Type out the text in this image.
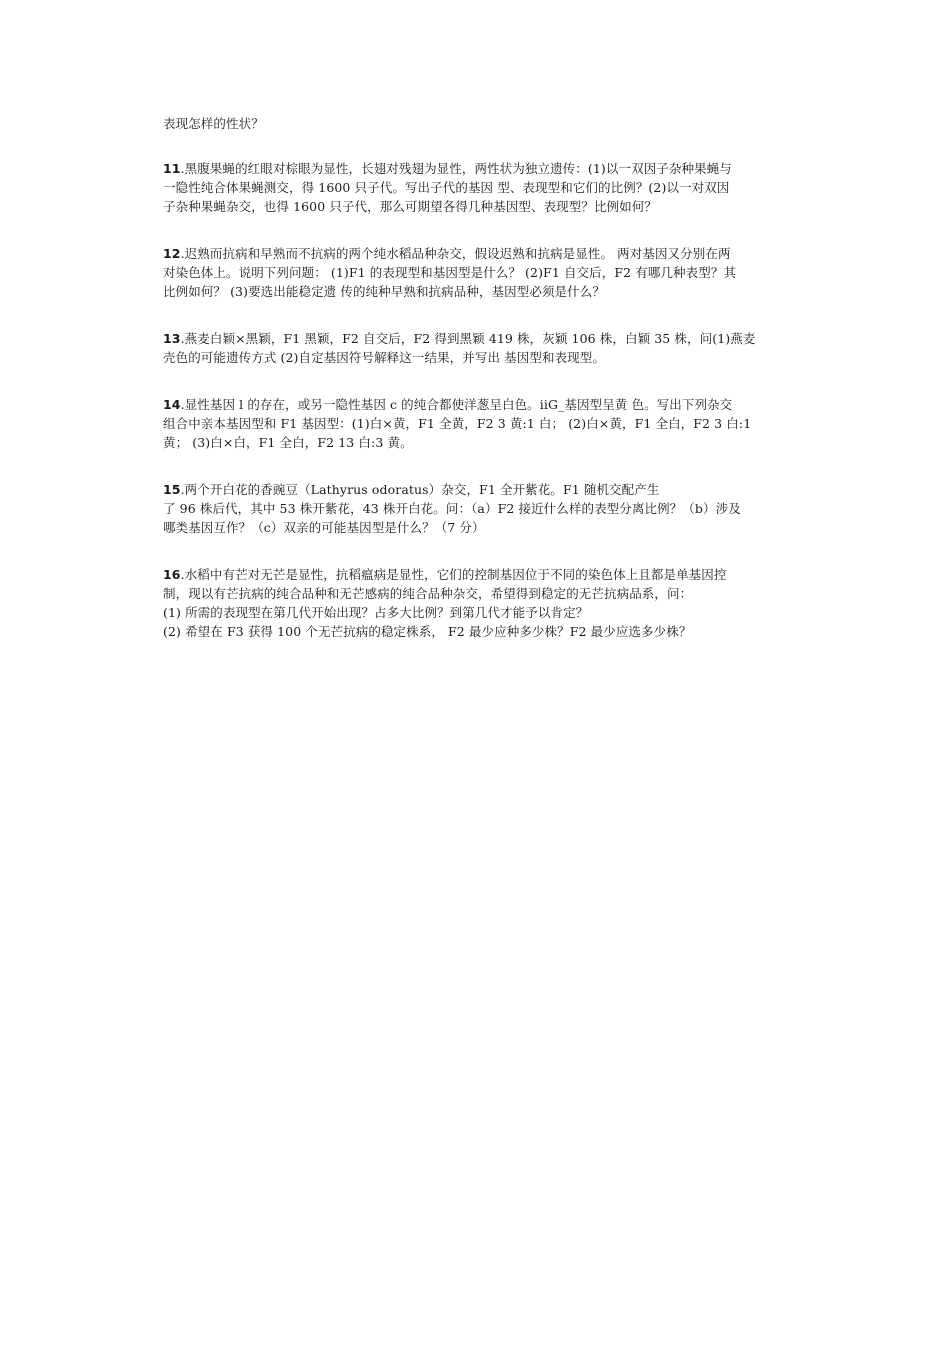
表现怎样的性状？
11.黑腹果蝇的红眼对棕眼为显性，长翅对残翅为显性，两性状为独立遗传：(1)以一双因子杂种果蝇与
一隐性纯合体果蝇测交，得 1600 只子代。写出子代的基因 型、表现型和它们的比例？(2)以一对双因
子杂种果蝇杂交，也得 1600 只子代，那么可期望各得几种基因型、表现型？比例如何？
12.迟熟而抗病和早熟而不抗病的两个纯水稻品种杂交，假设迟熟和抗病是显性。 两对基因又分别在两
对染色体上。说明下列问题： (1)F1 的表现型和基因型是什么？ (2)F1 自交后，F2 有哪几种表型？其
比例如何？ (3)要选出能稳定遗 传的纯种早熟和抗病品种，基因型必须是什么？
13.燕麦白颖×黑颖，F1 黑颖，F2 自交后，F2 得到黑颖 419 株，灰颖 106 株，白颖 35 株，问(1)燕麦
壳色的可能遗传方式 (2)自定基因符号解释这一结果，并写出 基因型和表现型。
14.显性基因 l 的存在，或另一隐性基因 c 的纯合都使洋葱呈白色。iiG_基因型呈黄 色。写出下列杂交
组合中亲本基因型和 F1 基因型：(1)白×黄，F1 全黄，F2 3 黄:1 白； (2)白×黄，F1 全白，F2 3 白:1
黄； (3)白×白，F1 全白，F2 13 白:3 黄。
15.两个开白花的香豌豆（Lathyrus odoratus）杂交，F1 全开紫花。F1 随机交配产生
了 96 株后代，其中 53 株开紫花，43 株开白花。问：（a）F2 接近什么样的表型分离比例？（b）涉及
哪类基因互作？（c）双亲的可能基因型是什么？（7 分）
16.水稻中有芒对无芒是显性，抗稻瘟病是显性，它们的控制基因位于不同的染色体上且都是单基因控
制，现以有芒抗病的纯合品种和无芒感病的纯合品种杂交，希望得到稳定的无芒抗病品系，问：
(1) 所需的表现型在第几代开始出现？占多大比例？到第几代才能予以肯定？
(2) 希望在 F3 获得 100 个无芒抗病的稳定株系， F2 最少应种多少株？F2 最少应选多少株？
